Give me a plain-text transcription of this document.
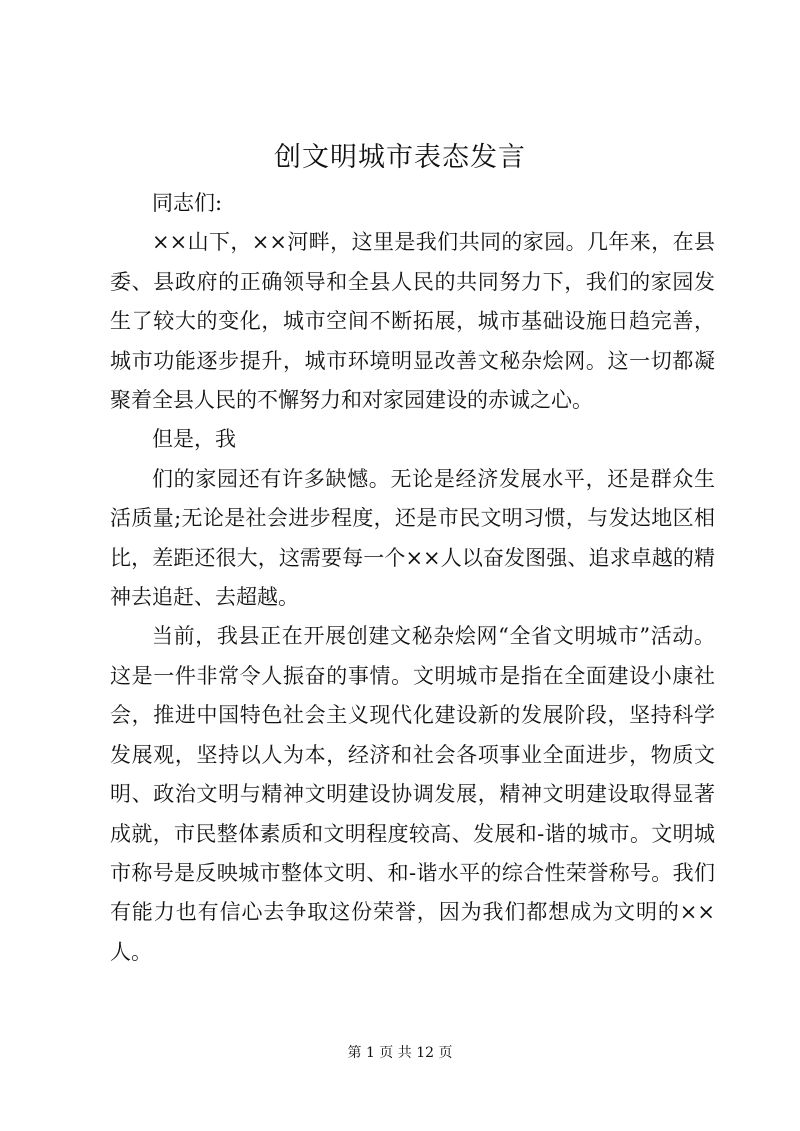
创文明城市表态发言

同志们:

××山下，××河畔，这里是我们共同的家园。几年来，在县委、县政府的正确领导和全县人民的共同努力下，我们的家园发生了较大的变化，城市空间不断拓展，城市基础设施日趋完善，城市功能逐步提升，城市环境明显改善文秘杂烩网。这一切都凝聚着全县人民的不懈努力和对家园建设的赤诚之心。

但是，我

们的家园还有许多缺憾。无论是经济发展水平，还是群众生活质量;无论是社会进步程度，还是市民文明习惯，与发达地区相比，差距还很大，这需要每一个××人以奋发图强、追求卓越的精神去追赶、去超越。

当前，我县正在开展创建文秘杂烩网“全省文明城市”活动。这是一件非常令人振奋的事情。文明城市是指在全面建设小康社会，推进中国特色社会主义现代化建设新的发展阶段，坚持科学发展观，坚持以人为本，经济和社会各项事业全面进步，物质文明、政治文明与精神文明建设协调发展，精神文明建设取得显著成就，市民整体素质和文明程度较高、发展和-谐的城市。文明城市称号是反映城市整体文明、和-谐水平的综合性荣誉称号。我们有能力也有信心去争取这份荣誉，因为我们都想成为文明的××人。

第 1 页 共 12 页
